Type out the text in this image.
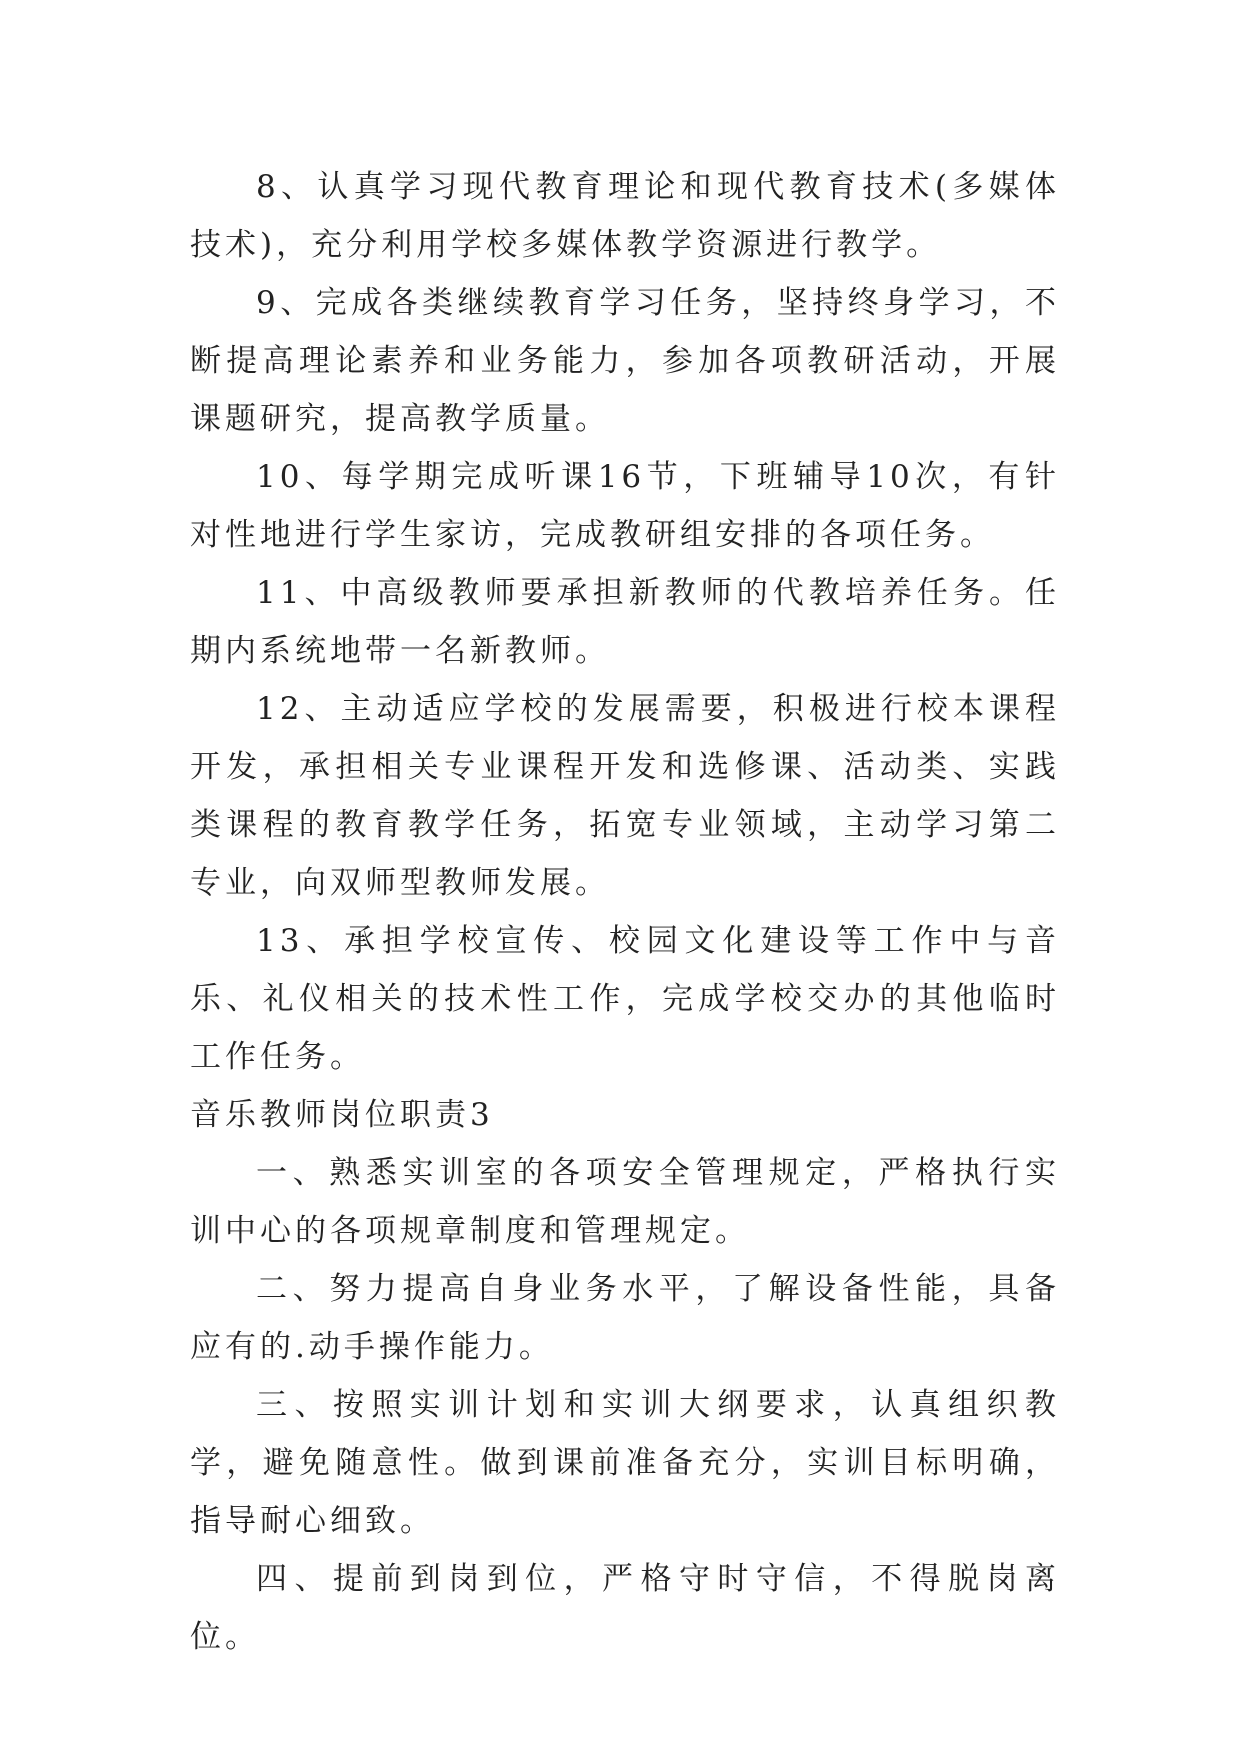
8、认真学习现代教育理论和现代教育技术(多媒体技术)，充分利用学校多媒体教学资源进行教学。

9、完成各类继续教育学习任务，坚持终身学习，不断提高理论素养和业务能力，参加各项教研活动，开展课题研究，提高教学质量。

10、每学期完成听课16节，下班辅导10次，有针对性地进行学生家访，完成教研组安排的各项任务。

11、中高级教师要承担新教师的代教培养任务。任期内系统地带一名新教师。

12、主动适应学校的发展需要，积极进行校本课程开发，承担相关专业课程开发和选修课、活动类、实践类课程的教育教学任务，拓宽专业领域，主动学习第二专业，向双师型教师发展。

13、承担学校宣传、校园文化建设等工作中与音乐、礼仪相关的技术性工作，完成学校交办的其他临时工作任务。

音乐教师岗位职责3

一、熟悉实训室的各项安全管理规定，严格执行实训中心的各项规章制度和管理规定。

二、努力提高自身业务水平，了解设备性能，具备应有的.动手操作能力。

三、按照实训计划和实训大纲要求，认真组织教学，避免随意性。做到课前准备充分，实训目标明确，指导耐心细致。

四、提前到岗到位，严格守时守信，不得脱岗离位。
